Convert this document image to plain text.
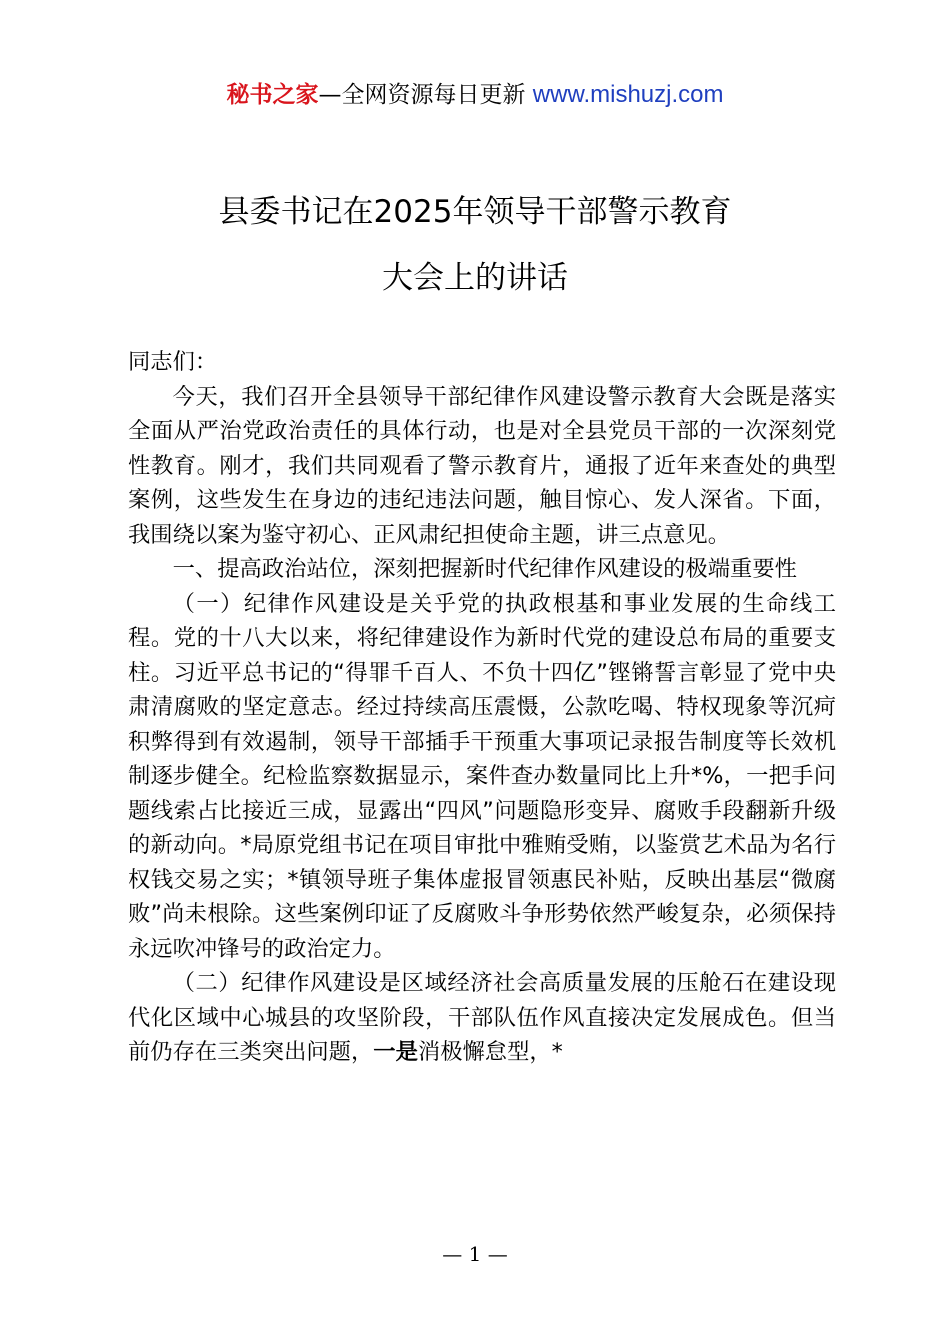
秘书之家—全网资源每日更新 www.mishuzj.com
县委书记在2025年领导干部警示教育
大会上的讲话

同志们：

今天，我们召开全县领导干部纪律作风建设警示教育大会既是落实全面从严治党政治责任的具体行动，也是对全县党员干部的一次深刻党性教育。刚才，我们共同观看了警示教育片，通报了近年来查处的典型案例，这些发生在身边的违纪违法问题，触目惊心、发人深省。下面，我围绕以案为鉴守初心、正风肃纪担使命主题，讲三点意见。

一、提高政治站位，深刻把握新时代纪律作风建设的极端重要性

（一）纪律作风建设是关乎党的执政根基和事业发展的生命线工程。党的十八大以来，将纪律建设作为新时代党的建设总布局的重要支柱。习近平总书记的“得罪千百人、不负十四亿”铿锵誓言彰显了党中央肃清腐败的坚定意志。经过持续高压震慑，公款吃喝、特权现象等沉疴积弊得到有效遏制，领导干部插手干预重大事项记录报告制度等长效机制逐步健全。纪检监察数据显示，案件查办数量同比上升*%，一把手问题线索占比接近三成，显露出“四风”问题隐形变异、腐败手段翻新升级的新动向。*局原党组书记在项目审批中雅贿受贿，以鉴赏艺术品为名行权钱交易之实；*镇领导班子集体虚报冒领惠民补贴，反映出基层“微腐败”尚未根除。这些案例印证了反腐败斗争形势依然严峻复杂，必须保持永远吹冲锋号的政治定力。

（二）纪律作风建设是区域经济社会高质量发展的压舱石在建设现代化区域中心城县的攻坚阶段，干部队伍作风直接决定发展成色。但当前仍存在三类突出问题，一是消极懈怠型，*

— 1 —
